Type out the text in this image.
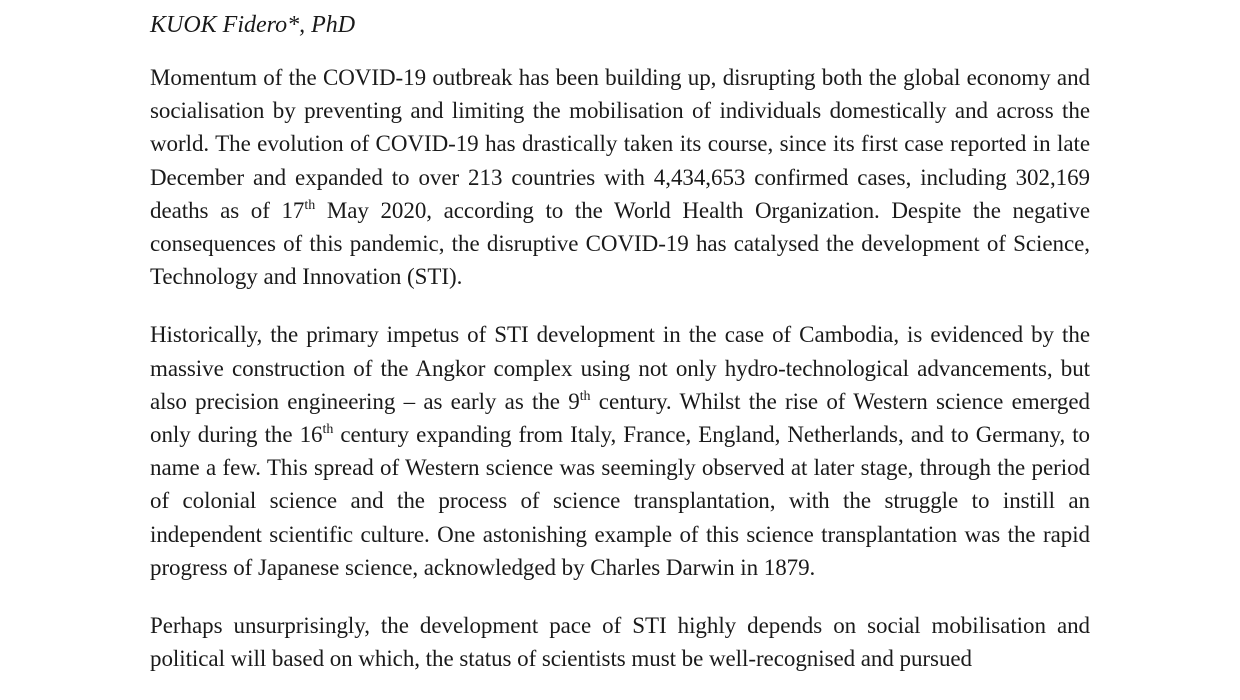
KUOK Fidero*, PhD

Momentum of the COVID-19 outbreak has been building up, disrupting both the global economy and socialisation by preventing and limiting the mobilisation of individuals domestically and across the world. The evolution of COVID-19 has drastically taken its course, since its first case reported in late December and expanded to over 213 countries with 4,434,653 confirmed cases, including 302,169 deaths as of 17th May 2020, according to the World Health Organization. Despite the negative consequences of this pandemic, the disruptive COVID-19 has catalysed the development of Science, Technology and Innovation (STI).

Historically, the primary impetus of STI development in the case of Cambodia, is evidenced by the massive construction of the Angkor complex using not only hydro-technological advancements, but also precision engineering – as early as the 9th century. Whilst the rise of Western science emerged only during the 16th century expanding from Italy, France, England, Netherlands, and to Germany, to name a few. This spread of Western science was seemingly observed at later stage, through the period of colonial science and the process of science transplantation, with the struggle to instill an independent scientific culture. One astonishing example of this science transplantation was the rapid progress of Japanese science, acknowledged by Charles Darwin in 1879.

Perhaps unsurprisingly, the development pace of STI highly depends on social mobilisation and political will based on which, the status of scientists must be well-recognised and pursued
